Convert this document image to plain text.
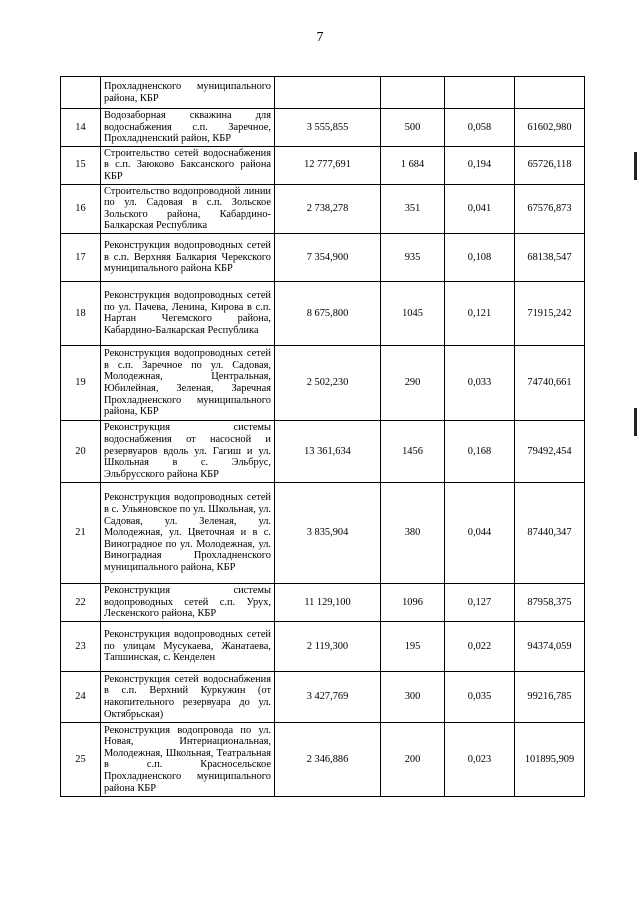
7
	Прохладненского муниципального района, КБР				
14	Водозаборная скважина для водоснабжения с.п. Заречное, Прохладненский район, КБР	3 555,855	500	0,058	61602,980
15	Строительство сетей водоснабжения в с.п. Заюково Баксанского района КБР	12 777,691	1 684	0,194	65726,118
16	Строительство водопроводной линии по ул. Садовая в с.п. Зольское Зольского района, Кабардино-Балкарская Республика	2 738,278	351	0,041	67576,873
17	Реконструкция водопроводных сетей в с.п. Верхняя Балкария Черекского муниципального района КБР	7 354,900	935	0,108	68138,547
18	Реконструкция водопроводных сетей по ул. Пачева, Ленина, Кирова в с.п. Нартан Чегемского района, Кабардино-Балкарская Республика	8 675,800	1045	0,121	71915,242
19	Реконструкция водопроводных сетей в с.п. Заречное по ул. Садовая, Молодежная, Центральная, Юбилейная, Зеленая, Заречная Прохладненского муниципального района, КБР	2 502,230	290	0,033	74740,661
20	Реконструкция системы водоснабжения от насосной и резервуаров вдоль ул. Гагиш и ул. Школьная в с. Эльбрус, Эльбрусского района КБР	13 361,634	1456	0,168	79492,454
21	Реконструкция водопроводных сетей в с. Ульяновское по ул. Школьная, ул. Садовая, ул. Зеленая, ул. Молодежная, ул. Цветочная и в с. Виноградное по ул. Молодежная, ул. Виноградная Прохладненского муниципального района, КБР	3 835,904	380	0,044	87440,347
22	Реконструкция системы водопроводных сетей с.п. Урух, Лескенского района, КБР	11 129,100	1096	0,127	87958,375
23	Реконструкция водопроводных сетей по улицам Мусукаева, Жанатаева, Тапшинская, с. Кенделен	2 119,300	195	0,022	94374,059
24	Реконструкция сетей водоснабжения в с.п. Верхний Куркужин (от накопительного резервуара до ул. Октябрьская)	3 427,769	300	0,035	99216,785
25	Реконструкция водопровода по ул. Новая, Интернациональная, Молодежная, Школьная, Театральная в с.п. Красносельское Прохладненского муниципального района КБР	2 346,886	200	0,023	101895,909
